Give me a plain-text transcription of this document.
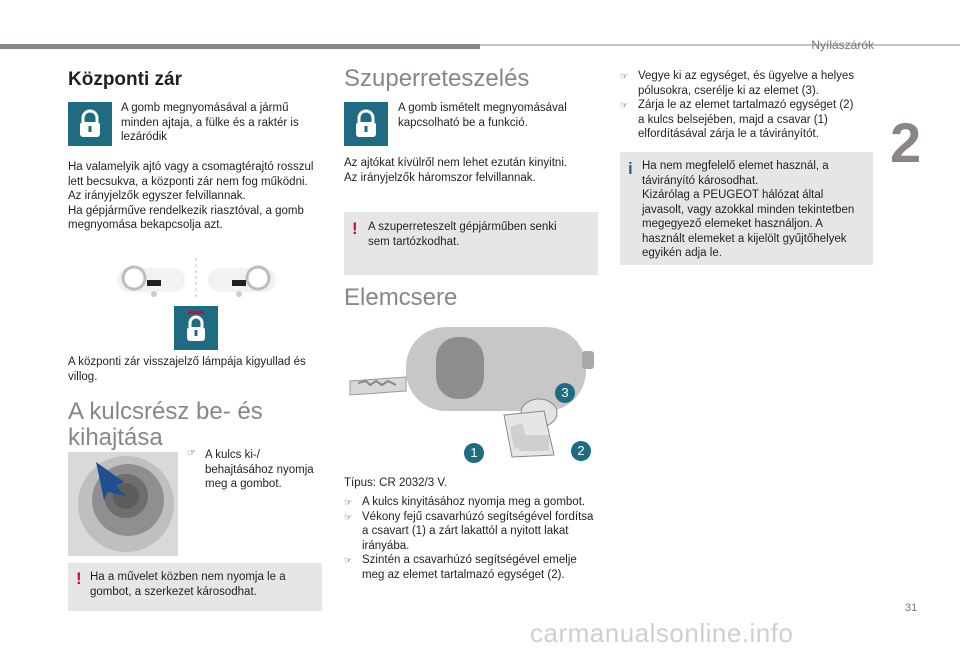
Nyílászárók
2
31
carmanualsonline.info
Központi zár

A gomb megnyomásával a jármű minden ajtaja, a fülke és a raktér is lezáródik

Ha valamelyik ajtó vagy a csomagtérajtó rosszul lett becsukva, a központi zár nem fog működni.

Az irányjelzők egyszer felvillannak.

Ha gépjárműve rendelkezik riasztóval, a gomb megnyomása bekapcsolja azt.

A központi zár visszajelző lámpája kigyullad és villog.

A kulcsrész be- és
kihajtása
☞ A kulcs ki-/

behajtásához nyomja

meg a gombot.

! Ha a művelet közben nem nyomja le a gombot, a szerkezet károsodhat.

Szuperreteszelés

A gomb ismételt megnyomásával kapcsolható be a funkció.

Az ajtókat kívülről nem lehet ezután kinyitni.

Az irányjelzők háromszor felvillannak.

! A szuperreteszelt gépjárműben senki sem tartózkodhat.

Elemcsere
3
1	2

Típus: CR 2032/3 V.

☞ A kulcs kinyitásához nyomja meg a gombot.
☞ Vékony fejű csavarhúzó segítségével fordítsa a csavart (1) a zárt lakattól a nyitott lakat irányába.
☞ Szintén a csavarhúzó segítségével emelje meg az elemet tartalmazó egységet (2).
☞ Vegye ki az egységet, és ügyelve a helyes pólusokra, cserélje ki az elemet (3).
☞ Zárja le az elemet tartalmazó egységet (2) a kulcs belsejében, majd a csavar (1) elfordításával zárja le a távirányítót.
i Ha nem megfelelő elemet használ, a távirányító károsodhat.

Kizárólag a PEUGEOT hálózat által javasolt, vagy azokkal minden tekintetben megegyező elemeket használjon. A használt elemeket a kijelölt gyűjtőhelyek egyikén adja le.
